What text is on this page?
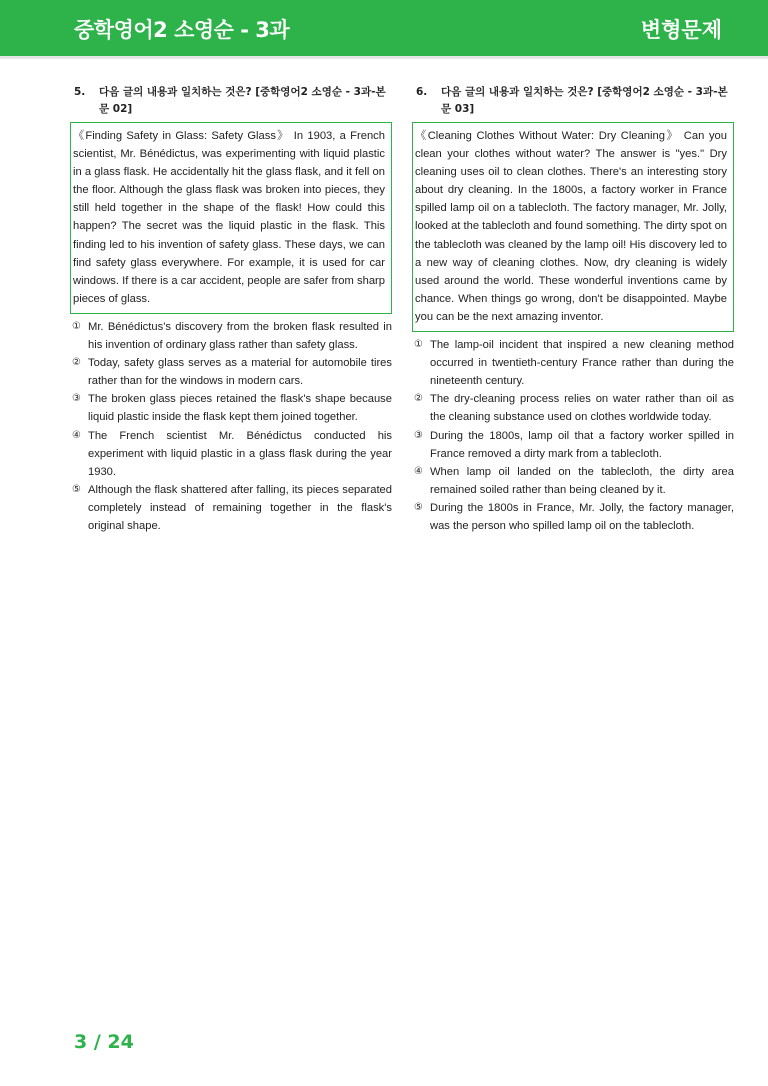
중학영어2 소영순 - 3과	변형문제
5.	다음 글의 내용과 일치하는 것은? [중학영어2 소영순 - 3과-본문 02]
《Finding Safety in Glass: Safety Glass》 In 1903, a French scientist, Mr. Bénédictus, was experimenting with liquid plastic in a glass flask. He accidentally hit the glass flask, and it fell on the floor. Although the glass flask was broken into pieces, they still held together in the shape of the flask! How could this happen? The secret was the liquid plastic in the flask. This finding led to his invention of safety glass. These days, we can find safety glass everywhere. For example, it is used for car windows. If there is a car accident, people are safer from sharp pieces of glass.
① Mr. Bénédictus's discovery from the broken flask resulted in his invention of ordinary glass rather than safety glass.
② Today, safety glass serves as a material for automobile tires rather than for the windows in modern cars.
③ The broken glass pieces retained the flask's shape because liquid plastic inside the flask kept them joined together.
④ The French scientist Mr. Bénédictus conducted his experiment with liquid plastic in a glass flask during the year 1930.
⑤ Although the flask shattered after falling, its pieces separated completely instead of remaining together in the flask's original shape.
6.	다음 글의 내용과 일치하는 것은? [중학영어2 소영순 - 3과-본문 03]
《Cleaning Clothes Without Water: Dry Cleaning》 Can you clean your clothes without water? The answer is "yes." Dry cleaning uses oil to clean clothes. There's an interesting story about dry cleaning. In the 1800s, a factory worker in France spilled lamp oil on a tablecloth. The factory manager, Mr. Jolly, looked at the tablecloth and found something. The dirty spot on the tablecloth was cleaned by the lamp oil! His discovery led to a new way of cleaning clothes. Now, dry cleaning is widely used around the world. These wonderful inventions came by chance. When things go wrong, don't be disappointed. Maybe you can be the next amazing inventor.
① The lamp-oil incident that inspired a new cleaning method occurred in twentieth-century France rather than during the nineteenth century.
② The dry-cleaning process relies on water rather than oil as the cleaning substance used on clothes worldwide today.
③ During the 1800s, lamp oil that a factory worker spilled in France removed a dirty mark from a tablecloth.
④ When lamp oil landed on the tablecloth, the dirty area remained soiled rather than being cleaned by it.
⑤ During the 1800s in France, Mr. Jolly, the factory manager, was the person who spilled lamp oil on the tablecloth.
3 / 24
